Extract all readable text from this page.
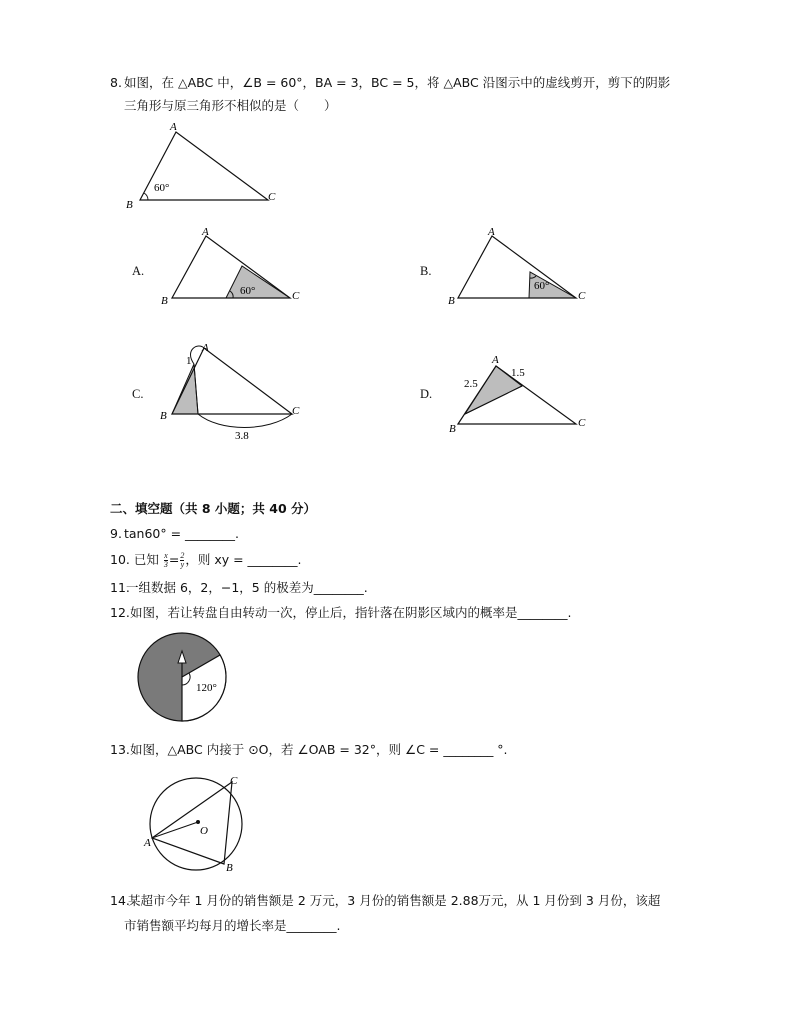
8. 如图，在 △ABC 中，∠B = 60°，BA = 3，BC = 5，将 △ABC 沿图示中的虚线剪开，剪下的阴影
三角形与原三角形不相似的是（　　）
A
B
C
60°
A.
A
B	C
60°
B.
A
B	C
60°
C.
A
B	C
1
3.8
D.
A
B	C
2.5
1.5
二、填空题（共 8 小题；共 40 分）
9. tan60° = ________.
10. 已知 $\frac{x}{3} = \frac{2}{y}$ ，则 xy = ________.
11.
一组数据 6，2，−1，5 的极差为________.
12. 如图，若让转盘自由转动一次，停止后，指针落在阴影区域内的概率是________.
120°
13. 如图，△ABC 内接于 ⊙O，若 ∠OAB = 32°，则 ∠C = ________ °.
A
B
C
O
14.
某超市今年 1 月份的销售额是 2 万元，3 月份的销售额是 2.88万元，从 1 月份到 3 月份，该超
市销售额平均每月的增长率是________.
